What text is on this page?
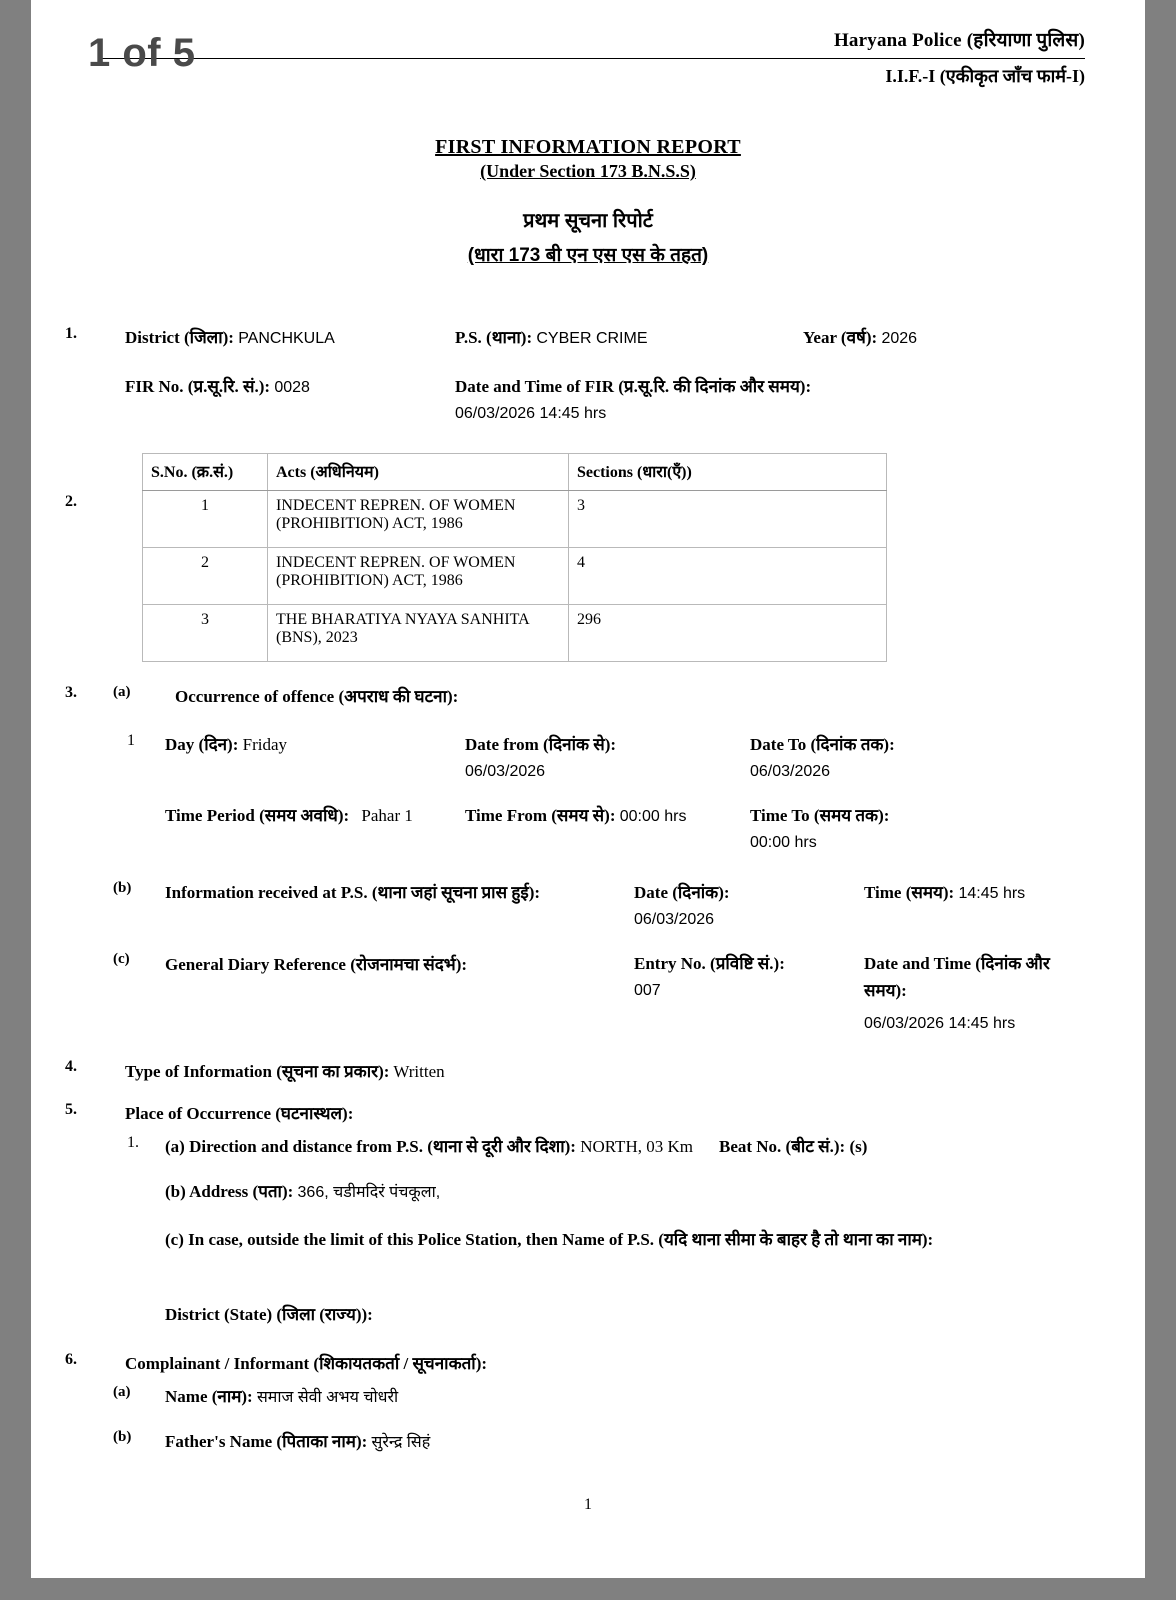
1 of 5	Haryana Police (हरियाणा पुलिस)
I.I.F.-I (एकीकृत जाँच फार्म-I)
FIRST INFORMATION REPORT
(Under Section 173 B.N.S.S)
प्रथम सूचना रिपोर्ट
(धारा 173 बी एन एस एस के तहत)
1.	District (जिला): PANCHKULA	P.S. (थाना): CYBER CRIME	Year (वर्ष): 2026
FIR No. (प्र.सू.रि. सं.): 0028	Date and Time of FIR (प्र.सू.रि. की दिनांक और समय):
06/03/2026 14:45 hrs
2.
S.No. (क्र.सं.)	Acts (अधिनियम)	Sections (धारा(एँ))
1	INDECENT REPREN. OF WOMEN (PROHIBITION) ACT, 1986	3
2	INDECENT REPREN. OF WOMEN (PROHIBITION) ACT, 1986	4
3	THE BHARATIYA NYAYA SANHITA (BNS), 2023	296
3. (a)	Occurrence of offence (अपराध की घटना):
1 Day (दिन): Friday	Date from (दिनांक से):
06/03/2026
Date To (दिनांक तक):
06/03/2026
Time Period (समय अवधि): Pahar 1	Time From (समय से): 00:00 hrs	Time To (समय तक):
00:00 hrs
(b) Information received at P.S. (थाना जहां सूचना प्रास हुई):	Date (दिनांक):
06/03/2026
Time (समय): 14:45 hrs
(c) General Diary Reference (रोजनामचा संदर्भ):	Entry No. (प्रविष्टि सं.):
007
Date and Time (दिनांक और समय):
06/03/2026 14:45 hrs
4.	Type of Information (सूचना का प्रकार): Written
5.	Place of Occurrence (घटनास्थल):
1. (a) Direction and distance from P.S. (थाना से दूरी और दिशा): NORTH, 03 Km Beat No. (बीट सं.): (s)
(b) Address (पता): 366, चडीमदिरं पंचकूला,
(c) In case, outside the limit of this Police Station, then Name of P.S. (यदि थाना सीमा के बाहर है तो थाना का नाम):
District (State) (जिला (राज्य)):
6.	Complainant / Informant (शिकायतकर्ता / सूचनाकर्ता):
(a) Name (नाम): समाज सेवी अभय चोधरी
(b) Father's Name (पिताका नाम): सुरेन्द्र सिहं
1
